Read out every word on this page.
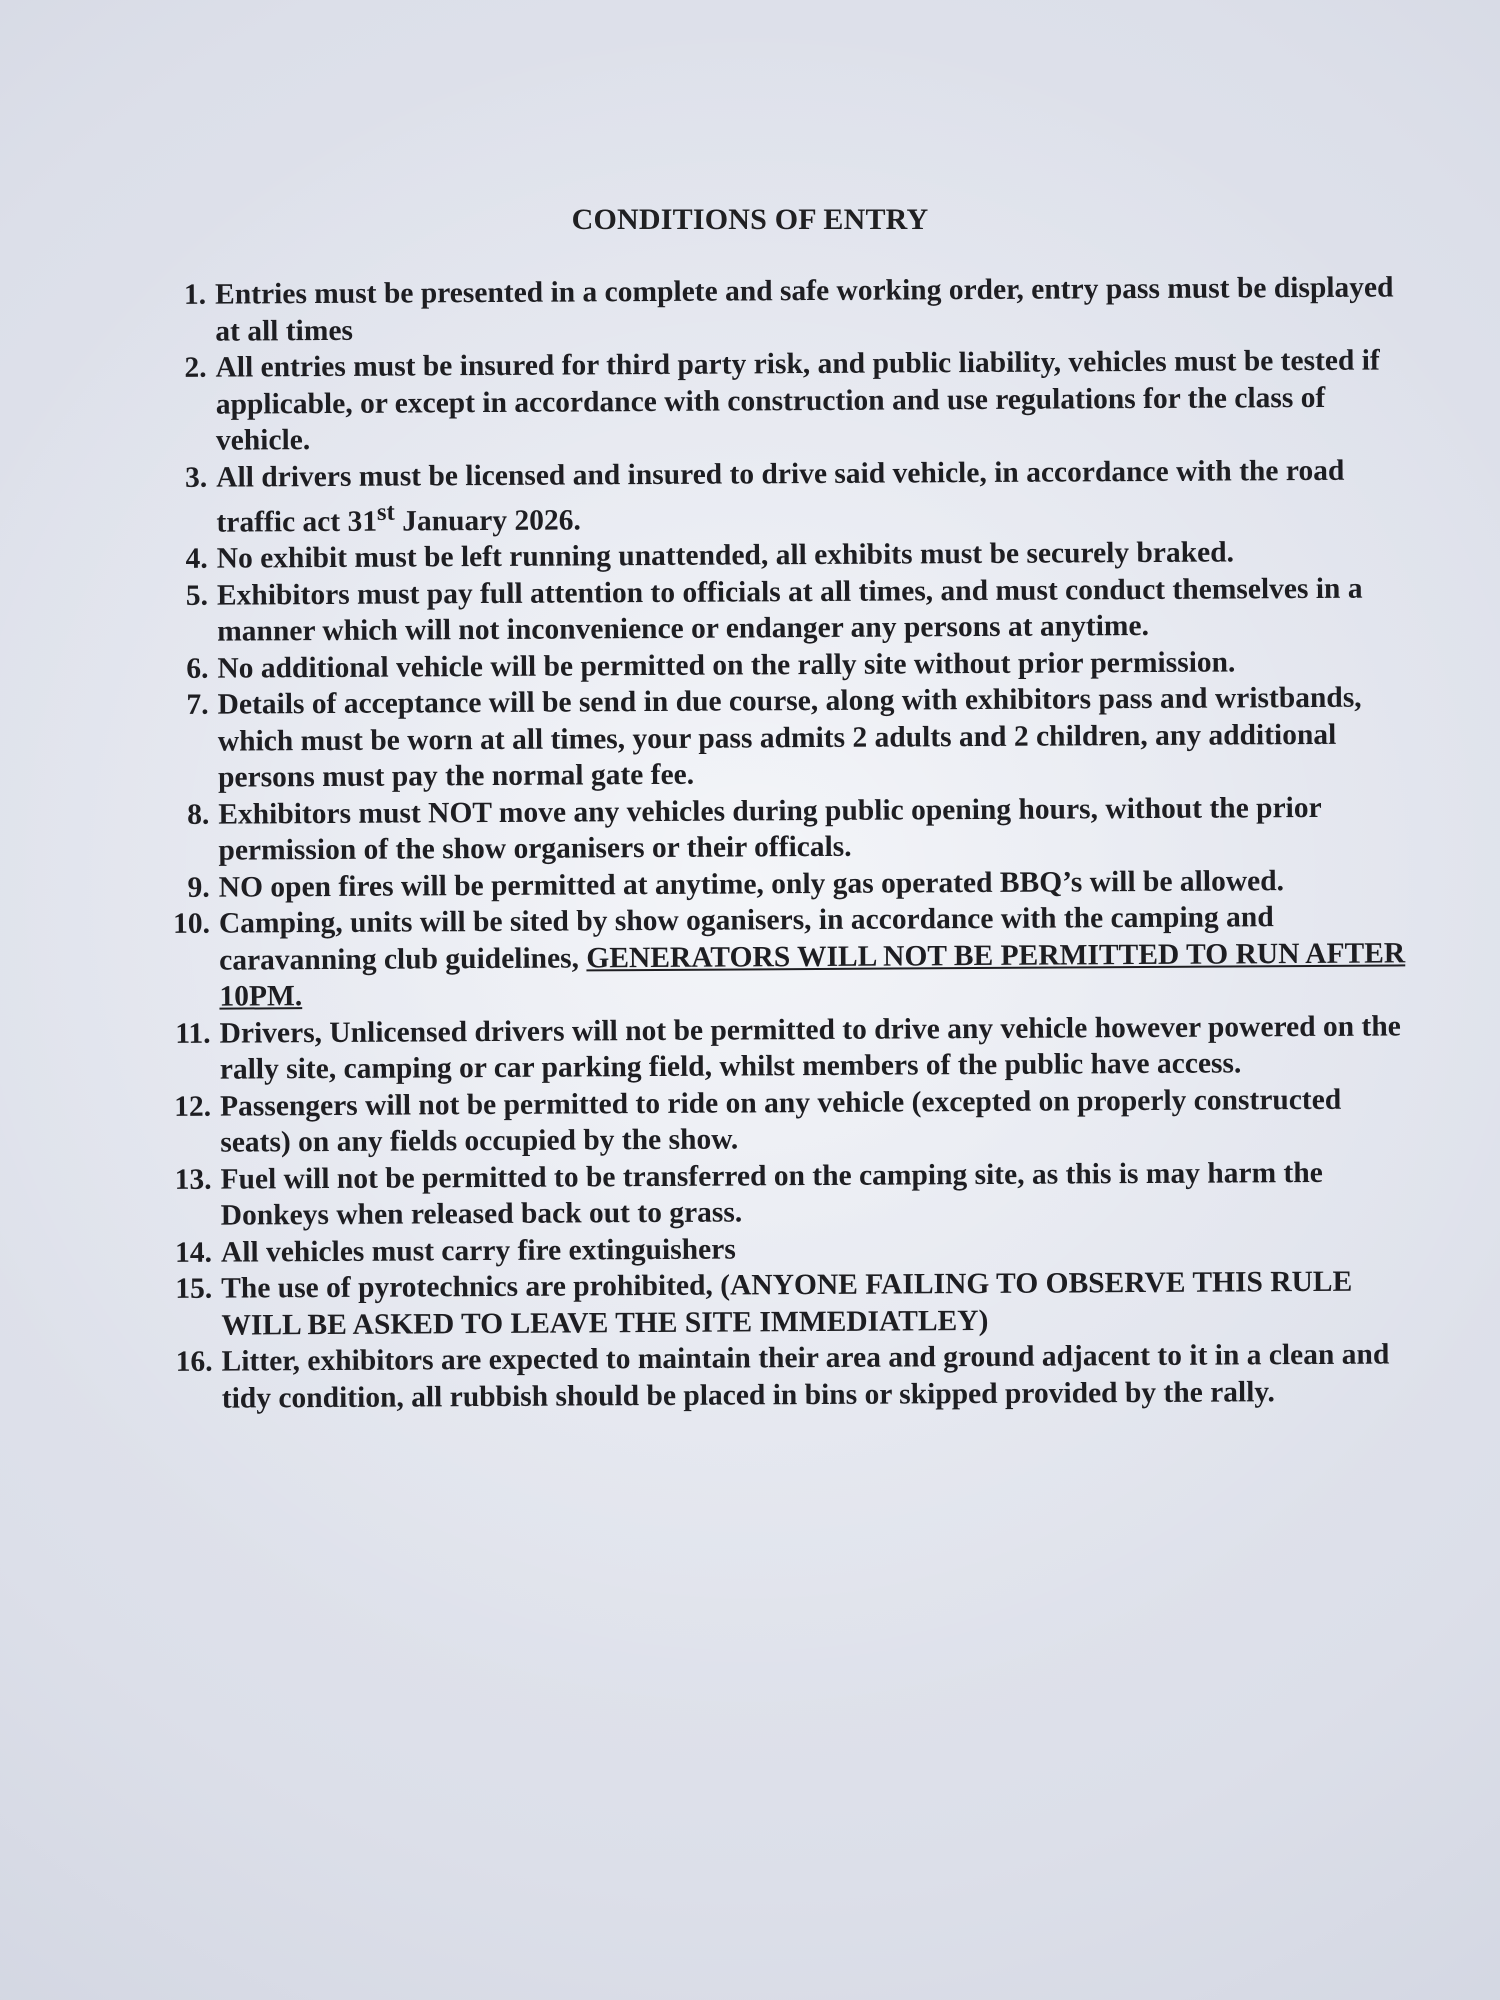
CONDITIONS OF ENTRY
1. Entries must be presented in a complete and safe working order, entry pass must be displayed at all times
2. All entries must be insured for third party risk, and public liability, vehicles must be tested if applicable, or except in accordance with construction and use regulations for the class of vehicle.
3. All drivers must be licensed and insured to drive said vehicle, in accordance with the road traffic act 31st January 2026.
4. No exhibit must be left running unattended, all exhibits must be securely braked.
5. Exhibitors must pay full attention to officials at all times, and must conduct themselves in a manner which will not inconvenience or endanger any persons at anytime.
6. No additional vehicle will be permitted on the rally site without prior permission.
7. Details of acceptance will be send in due course, along with exhibitors pass and wristbands, which must be worn at all times, your pass admits 2 adults and 2 children, any additional persons must pay the normal gate fee.
8. Exhibitors must NOT move any vehicles during public opening hours, without the prior permission of the show organisers or their officals.
9. NO open fires will be permitted at anytime, only gas operated BBQ’s will be allowed.
10. Camping, units will be sited by show oganisers, in accordance with the camping and caravanning club guidelines, GENERATORS WILL NOT BE PERMITTED TO RUN AFTER 10PM.
11. Drivers, Unlicensed drivers will not be permitted to drive any vehicle however powered on the rally site, camping or car parking field, whilst members of the public have access.
12. Passengers will not be permitted to ride on any vehicle (excepted on properly constructed seats) on any fields occupied by the show.
13. Fuel will not be permitted to be transferred on the camping site, as this is may harm the Donkeys when released back out to grass.
14. All vehicles must carry fire extinguishers
15. The use of pyrotechnics are prohibited, (ANYONE FAILING TO OBSERVE THIS RULE WILL BE ASKED TO LEAVE THE SITE IMMEDIATLEY)
16. Litter, exhibitors are expected to maintain their area and ground adjacent to it in a clean and tidy condition, all rubbish should be placed in bins or skipped provided by the rally.
